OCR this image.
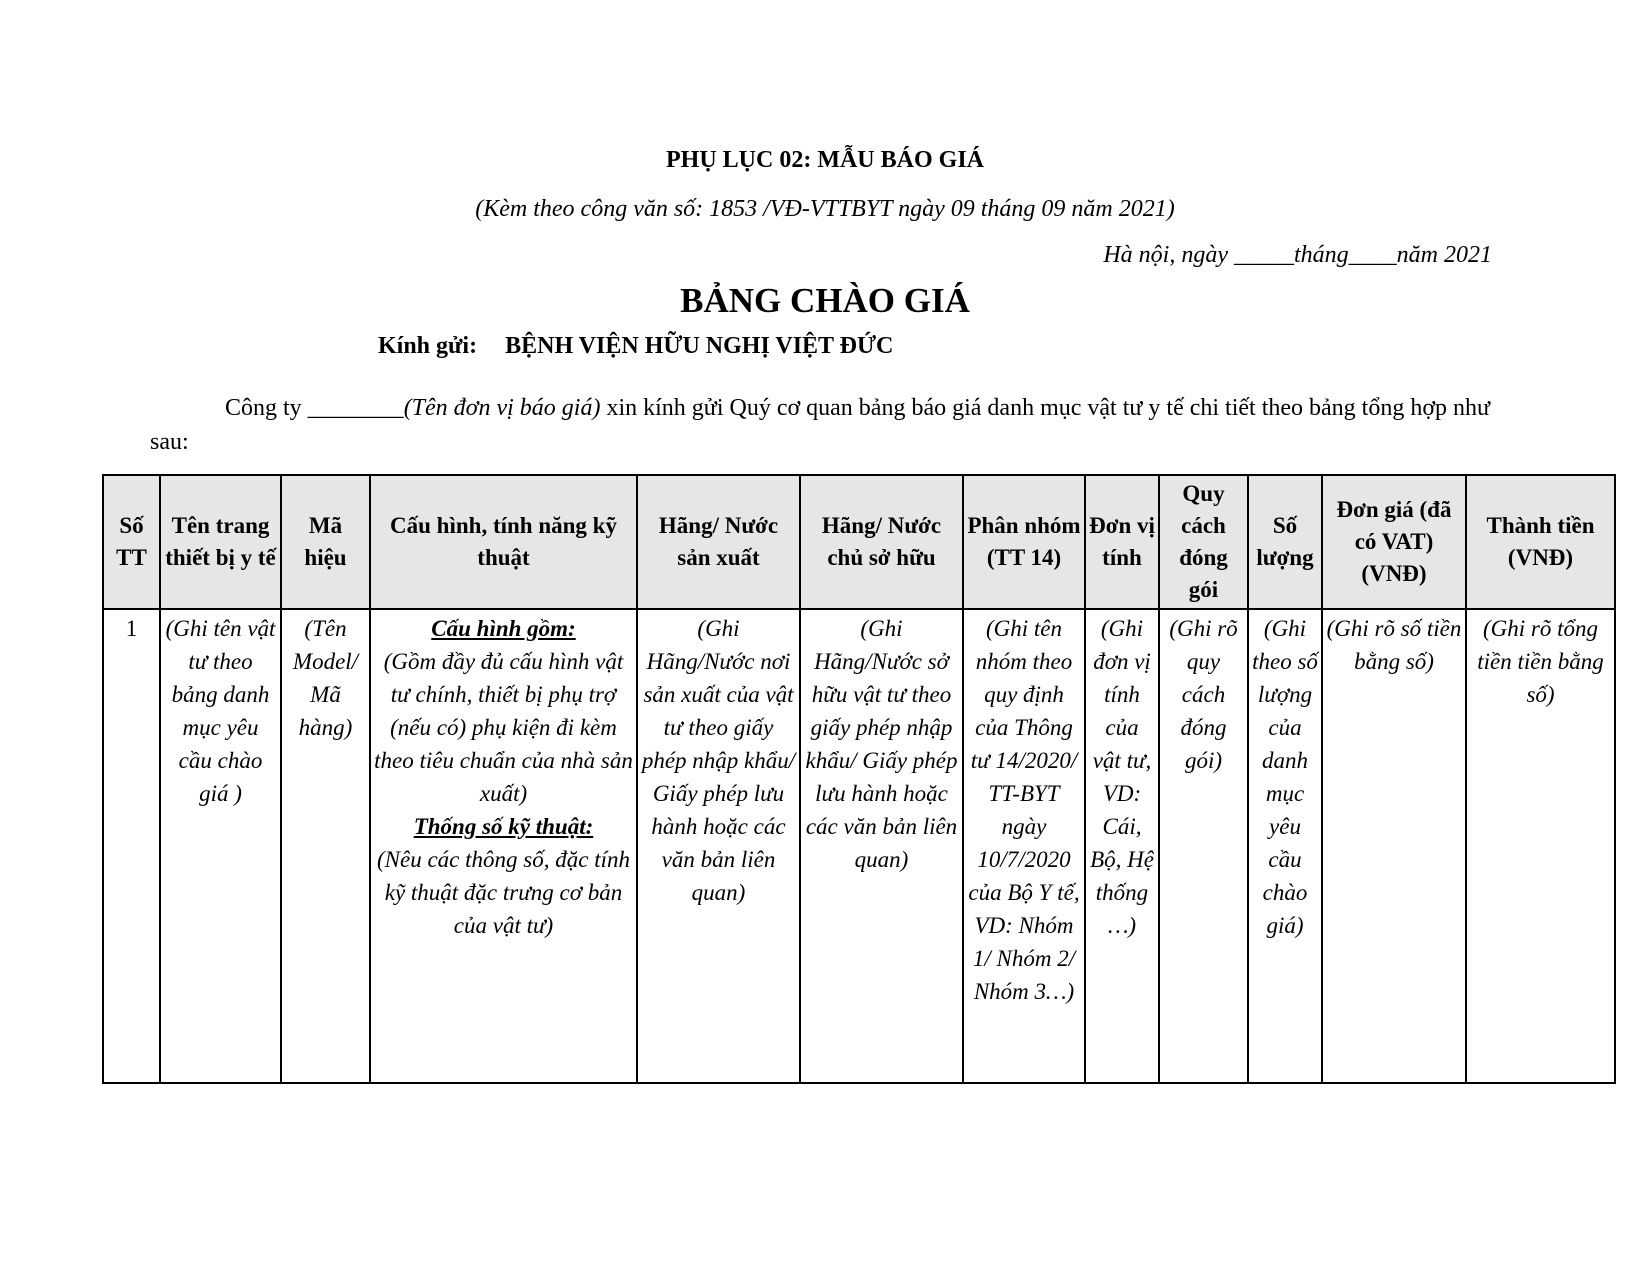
PHỤ LỤC 02: MẪU BÁO GIÁ
(Kèm theo công văn số: 1853 /VĐ-VTTBYT ngày 09 tháng 09 năm 2021)
Hà nội, ngày _____tháng____năm 2021
BẢNG CHÀO GIÁ
Kính gửi: BỆNH VIỆN HỮU NGHỊ VIỆT ĐỨC
Công ty ________(Tên đơn vị báo giá) xin kính gửi Quý cơ quan bảng báo giá danh mục vật tư y tế chi tiết theo bảng tổng hợp như sau:
Số TT	Tên trang thiết bị y tế	Mã hiệu	Cấu hình, tính năng kỹ thuật	Hãng/ Nước sản xuất	Hãng/ Nước chủ sở hữu	Phân nhóm (TT 14)	Đơn vị tính	Quy cách đóng gói	Số lượng	Đơn giá (đã có VAT) (VNĐ)	Thành tiền (VNĐ)
1	(Ghi tên vật tư theo bảng danh mục yêu cầu chào giá )	(Tên Model/ Mã hàng)	Cấu hình gồm:
(Gồm đầy đủ cấu hình vật tư chính, thiết bị phụ trợ (nếu có) phụ kiện đi kèm theo tiêu chuẩn của nhà sản xuất)
Thống số kỹ thuật:
(Nêu các thông số, đặc tính kỹ thuật đặc trưng cơ bản của vật tư)	(Ghi Hãng/Nước nơi sản xuất của vật tư theo giấy phép nhập khẩu/ Giấy phép lưu hành hoặc các văn bản liên quan)	(Ghi Hãng/Nước sở hữu vật tư theo giấy phép nhập khẩu/ Giấy phép lưu hành hoặc các văn bản liên quan)	(Ghi tên nhóm theo quy định của Thông tư 14/2020/ TT-BYT ngày 10/7/2020 của Bộ Y tế, VD: Nhóm 1/ Nhóm 2/ Nhóm 3…)	(Ghi đơn vị tính của vật tư, VD: Cái, Bộ, Hệ thống …)	(Ghi rõ quy cách đóng gói)	(Ghi theo số lượng của danh mục yêu cầu chào giá)	(Ghi rõ số tiền bằng số)	(Ghi rõ tổng tiền tiền bằng số)
